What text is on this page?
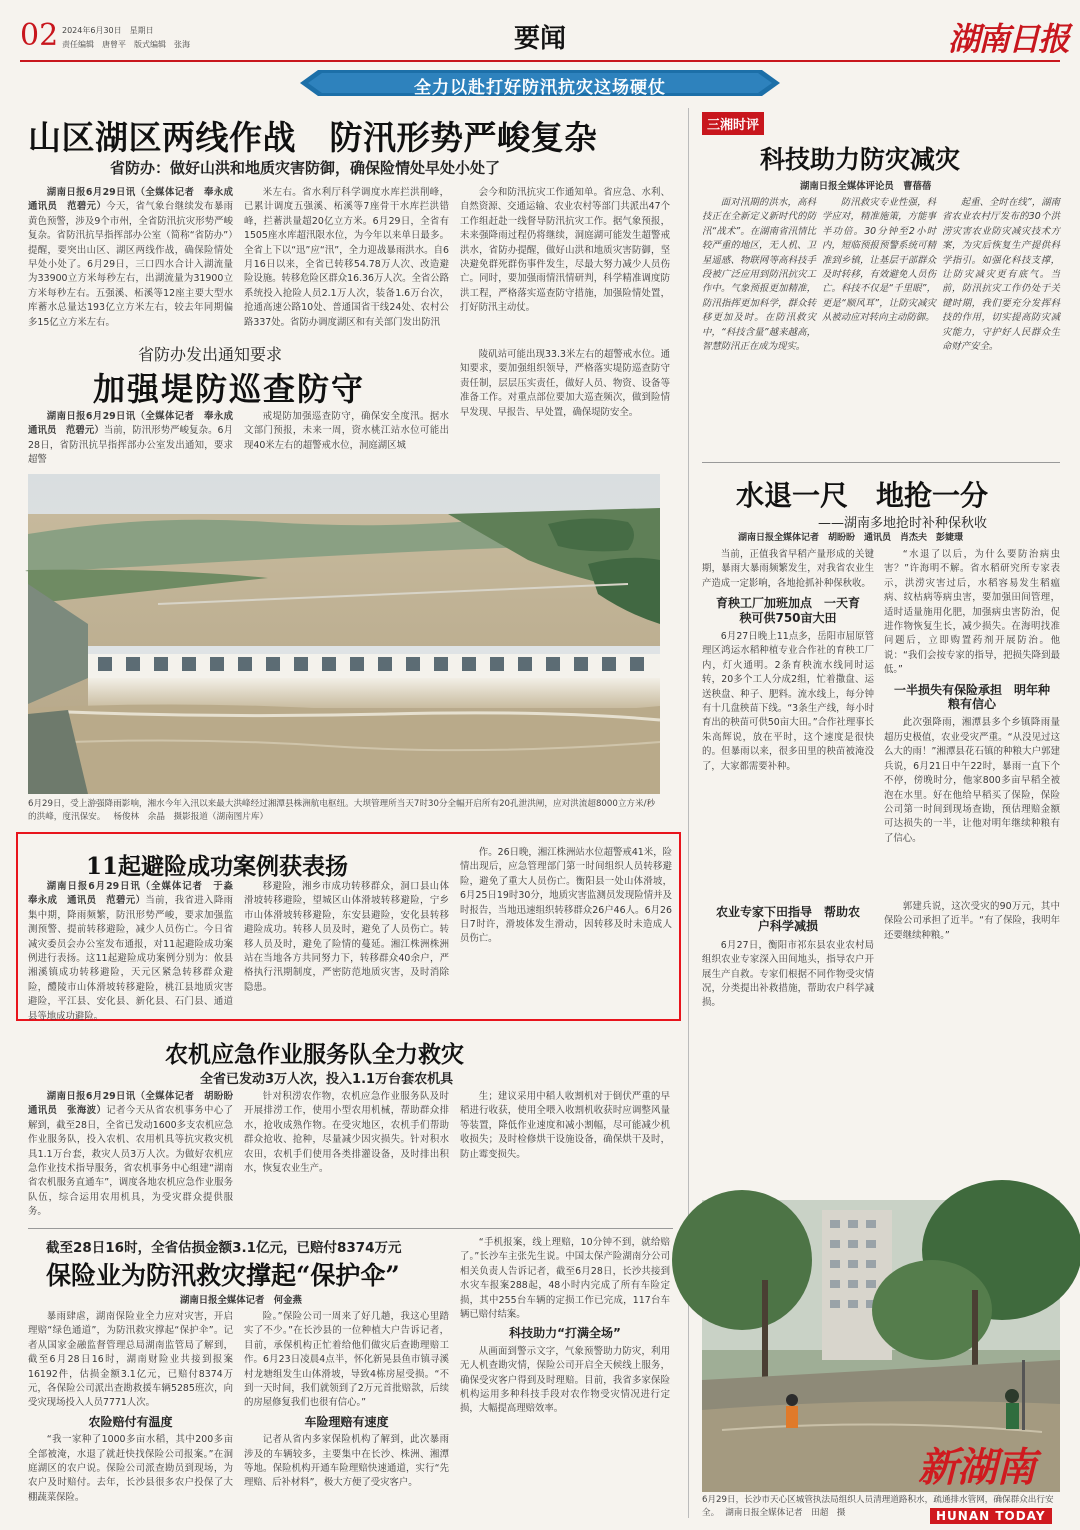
02 2024年6月30日　星期日
责任编辑　唐曾平　版式编辑　张海	要闻	湖南日报
全力以赴打好防汛抗灾这场硬仗
山区湖区两线作战　防汛形势严峻复杂
省防办：做好山洪和地质灾害防御，确保险情处早处小处了

湖南日报6月29日讯（全媒体记者　奉永成　通讯员　范碧元）今天，省气象台继续发布暴雨黄色预警，涉及9个市州，全省防汛抗灾形势严峻复杂。省防汛抗旱指挥部办公室（简称“省防办”）提醒，要突出山区、湖区两线作战，确保险情处早处小处了。6月29日，三口四水合计入湖流量为33900立方米每秒左右，出湖流量为31900立方米每秒左右。五强溪、柘溪等12座主要大型水库蓄水总量达193亿立方米左右，较去年同期偏多15亿立方米左右。

米左右。省水利厅科学调度水库拦洪削峰，已累计调度五强溪、柘溪等7座骨干水库拦洪错峰，拦蓄洪量超20亿立方米。6月29日，全省有1505座水库超汛限水位，为今年以来单日最多。全省上下以“迅”应“汛”，全力迎战暴雨洪水。自6月16日以来，全省已转移54.78万人次、改造避险设施。转移危险区群众16.36万人次。全省公路系统投入抢险人员2.1万人次，装备1.6万台次，抢通高速公路10处、普通国省干线24处、农村公路337处。省防办调度湖区和有关部门发出防汛

会今和防汛抗灾工作通知单。省应急、水利、自然资源、交通运输、农业农村等部门共派出47个工作组赶赴一线督导防汛抗灾工作。据气象预报，未来强降雨过程仍将继续，洞庭湖可能发生超警戒洪水，省防办提醒，做好山洪和地质灾害防御，坚决避免群死群伤事件发生，尽最大努力减少人员伤亡。同时，要加强雨情汛情研判，科学精准调度防洪工程，严格落实巡查防守措施，加强险情处置，打好防汛主动仗。

省防办发出通知要求
加强堤防巡查防守

湖南日报6月29日讯（全媒体记者　奉永成　通讯员　范碧元）当前，防汛形势严峻复杂。6月28日，省防汛抗旱指挥部办公室发出通知，要求超警

戒堤防加强巡查防守，确保安全度汛。据水文部门预报，未来一周，资水桃江站水位可能出现40米左右的超警戒水位，洞庭湖区城

陵矶站可能出现33.3米左右的超警戒水位。通知要求，要加强组织领导，严格落实堤防巡查防守责任制，层层压实责任，做好人员、物资、设备等准备工作。对重点部位要加大巡查频次，做到险情早发现、早报告、早处置，确保堤防安全。

6月29日，受上游强降雨影响，湘水今年入汛以来最大洪峰经过湘潭县株洲航电枢纽。大坝管理所当天7时30分全幅开启所有20孔泄洪闸，应对洪流超8000立方米/秒的洪峰，度汛保安。 杨俊林　余晶　摄影报道（湖南图片库）
11起避险成功案例获表扬

湖南日报6月29日讯（全媒体记者　于淼　奉永成　通讯员　范碧元）当前，我省进入降雨集中期，降雨频繁，防汛形势严峻，要求加强监测预警、提前转移避险，减少人员伤亡。今日省减灾委员会办公室发布通报，对11起避险成功案例进行表扬。这11起避险成功案例分别为：攸县湘溪镇成功转移避险，天元区紧急转移群众避险，醴陵市山体滑坡转移避险，桃江县地质灾害避险，平江县、安化县、新化县、石门县、通道县等地成功避险。

移避险，湘乡市成功转移群众，洞口县山体滑坡转移避险，望城区山体滑坡转移避险，宁乡市山体滑坡转移避险，东安县避险，安化县转移避险成功。转移人员及时，避免了人员伤亡。转移人员及时，避免了险情的蔓延。湘江株洲株洲站在当地各方共同努力下，转移群众40余户，严格执行汛期制度，严密防范地质灾害，及时消除隐患。

作。26日晚，湘江株洲站水位超警戒41米，险情出现后，应急管理部门第一时间组织人员转移避险，避免了重大人员伤亡。衡阳县一处山体滑坡，6月25日19时30分，地质灾害监测员发现险情并及时报告，当地迅速组织转移群众26户46人。6月26日7时许，滑坡体发生滑动，因转移及时未造成人员伤亡。

农机应急作业服务队全力救灾
全省已发动3万人次，投入1.1万台套农机具

湖南日报6月29日讯（全媒体记者　胡盼盼　通讯员　张海波）记者今天从省农机事务中心了解到，截至28日，全省已发动1600多支农机应急作业服务队，投入农机、农用机具等抗灾救灾机具1.1万台套，救灾人员3万人次。为做好农机应急作业技术指导服务，省农机事务中心组建“湖南省农机服务直通车”，调度各地农机应急作业服务队伍，综合运用农用机具，为受灾群众提供服务。

针对积涝农作物，农机应急作业服务队及时开展排涝工作，使用小型农用机械，帮助群众排水，抢收成熟作物。在受灾地区，农机手们帮助群众抢收、抢种，尽量减少因灾损失。针对积水农田，农机手们使用各类排灌设备，及时排出积水，恢复农业生产。

生；建议采用中稻人收割机对于倒伏严重的早稻进行收获，使用全喂入收割机收获时应调整风量等装置，降低作业速度和减小割幅，尽可能减少机收损失；及时检修烘干设施设备，确保烘干及时，防止霉变损失。

截至28日16时，全省估损金额3.1亿元，已赔付8374万元
保险业为防汛救灾撑起“保护伞”
湖南日报全媒体记者　何金燕

暴雨肆虐，湖南保险业全力应对灾害，开启理赔“绿色通道”，为防汛救灾撑起“保护伞”。记者从国家金融监督管理总局湖南监管局了解到，截至6月28日16时，湖南财险业共接到报案16192件，估损金额3.1亿元，已赔付8374万元，各保险公司派出查勘救援车辆5285班次，向受灾现场投入人员7771人次。

农险赔付有温度

“我一家种了1000多亩水稻，其中200多亩全部被淹，水退了就赶快找保险公司报案。”在洞庭湖区的农户说。保险公司派查勘员到现场，为农户及时赔付。去年，长沙县很多农户投保了大棚蔬菜保险。

险。”保险公司一周来了好几趟，我这心里踏实了不少。”在长沙县的一位种植大户告诉记者，目前，承保机构正忙着给他们做灾后查勘理赔工作。6月23日凌晨4点半，怀化新晃县鱼市镇寻溪村龙塘组发生山体滑坡，导致4栋房屋受损。“不到一天时间，我们就领到了2万元首批赔款，后续的房屋修复我们也很有信心。”

车险理赔有速度

记者从省内多家保险机构了解到，此次暴雨涉及的车辆较多，主要集中在长沙、株洲、湘潭等地。保险机构开通车险理赔快速通道，实行“先理赔、后补材料”，极大方便了受灾客户。

“手机报案，线上理赔，10分钟不到，就给赔了。”长沙车主张先生说。中国太保产险湖南分公司相关负责人告诉记者，截至6月28日，长沙共接到水灾车报案288起，48小时内完成了所有车险定损，其中255台车辆的定损工作已完成，117台车辆已赔付结案。

科技助力“打满全场”

从画面到警示文字，气象预警助力防灾，利用无人机查勘灾情，保险公司开启全天候线上服务，确保受灾客户得到及时理赔。目前，我省多家保险机构运用多种科技手段对农作物受灾情况进行定损，大幅提高理赔效率。

三湘时评
科技助力防灾减灾
湖南日报全媒体评论员　曹蓓蓓

面对汛期的洪水，高科技正在全新定义新时代的防汛“战术”。在湖南省汛情比较严重的地区，无人机、卫星遥感、物联网等高科技手段被广泛应用到防汛抗灾工作中。气象预报更加精准，防汛指挥更加科学，群众转移更加及时。在防汛救灾中，“科技含量”越来越高，智慧防汛正在成为现实。

防汛救灾专业性强，科学应对，精准施策，方能事半功倍。30分钟至2小时内，短临预报预警系统可精准到乡镇，让基层干部群众及时转移，有效避免人员伤亡。科技不仅是“千里眼”，更是“顺风耳”，让防灾减灾从被动应对转向主动防御。

起重、全时在线”，湖南省农业农村厅发布的30个洪涝灾害农业防灾减灾技术方案，为灾后恢复生产提供科学指引。如强化科技支撑，让防灾减灾更有底气。当前，防汛抗灾工作仍处于关键时期，我们要充分发挥科技的作用，切实提高防灾减灾能力，守护好人民群众生命财产安全。

水退一尺　地抢一分
——湖南多地抢时补种保秋收
湖南日报全媒体记者　胡盼盼　通讯员　肖杰夫　彭婕璟

当前，正值我省早稻产量形成的关键期，暴雨大暴雨频繁发生，对我省农业生产造成一定影响，各地抢抓补种保秋收。

育秧工厂加班加点　一天育秧可供750亩大田

6月27日晚上11点多，岳阳市屈原管理区鸿运水稻种植专业合作社的育秧工厂内，灯火通明。2条育秧流水线同时运转，20多个工人分成2组，忙着撒盘、运送秧盘、种子、肥料。流水线上，每分钟有十几盘秧苗下线。“3条生产线，每小时育出的秧苗可供50亩大田。”合作社理事长朱高辉说，放在平时，这个速度是很快的。但暴雨以来，很多田里的秧苗被淹没了，大家都需要补种。

“水退了以后，为什么要防治病虫害？”许海明不解。省水稻研究所专家表示，洪涝灾害过后，水稻容易发生稻瘟病、纹枯病等病虫害，要加强田间管理，适时适量施用化肥，加强病虫害防治，促进作物恢复生长，减少损失。在海明找准问题后，立即购置药剂开展防治。他说：“我们会按专家的指导，把损失降到最低。”

一半损失有保险承担　明年种粮有信心

此次强降雨，湘潭县多个乡镇降雨量超历史极值，农业受灾严重。“从没见过这么大的雨！”湘潭县花石镇的种粮大户郭建兵说，6月21日中午22时，暴雨一直下个不停，傍晚时分，他家800多亩早稻全被泡在水里。好在他给早稻买了保险，保险公司第一时间到现场查勘，预估理赔金额可达损失的一半，让他对明年继续种粮有了信心。

农业专家下田指导　帮助农户科学减损

6月27日，衡阳市祁东县农业农村局组织农业专家深入田间地头，指导农户开展生产自救。专家们根据不同作物受灾情况，分类提出补救措施，帮助农户科学减损。

郭建兵说，这次受灾的90万元，其中保险公司承担了近半。“有了保险，我明年还要继续种粮。”

6月29日，长沙市天心区城管执法局组织人员清理道路积水，疏通排水管网，确保群众出行安全。 湖南日报全媒体记者　田超　摄
新湖南
HUNAN TODAY
